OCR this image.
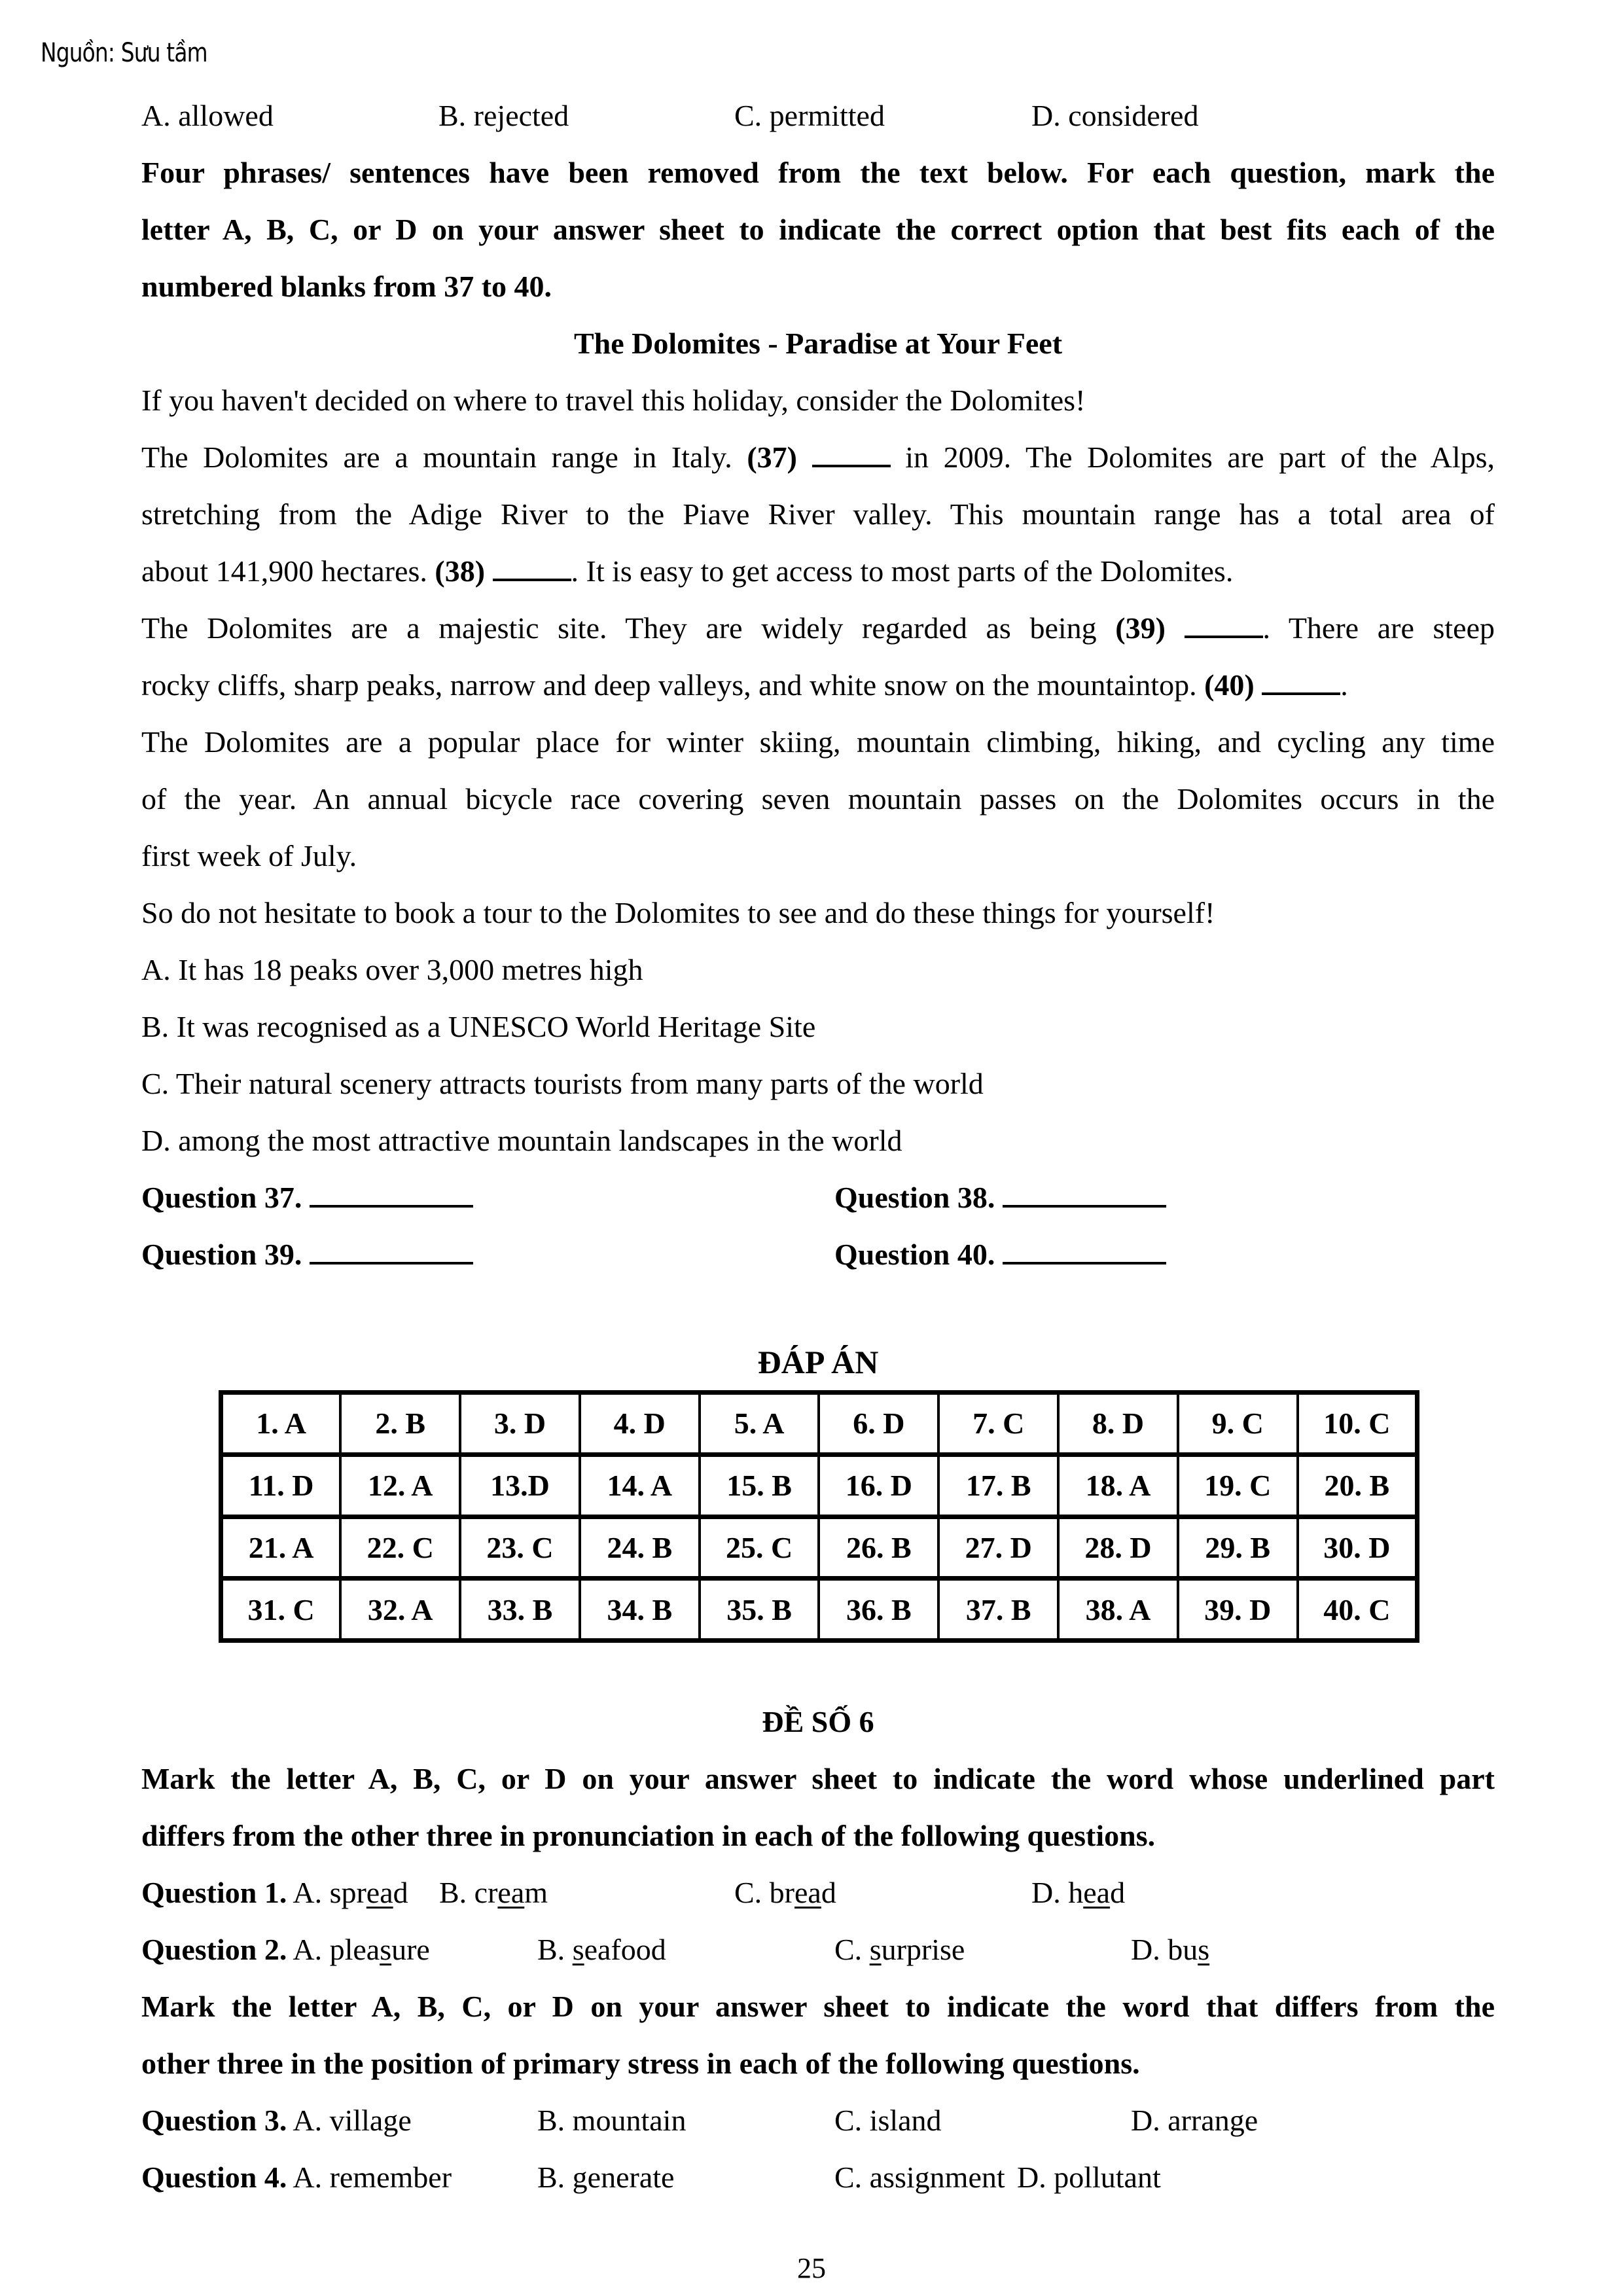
Nguồn: Sưu tầm
A. allowed	B. rejected	C. permitted	D. considered
Four phrases/ sentences have been removed from the text below. For each question, mark the
letter A, B, C, or D on your answer sheet to indicate the correct option that best fits each of the
numbered blanks from 37 to 40.
The Dolomites - Paradise at Your Feet
If you haven't decided on where to travel this holiday, consider the Dolomites!
The Dolomites are a mountain range in Italy. (37)	in 2009. The Dolomites are part of the Alps,
stretching from the Adige River to the Piave River valley. This mountain range has a total area of
about 141,900 hectares. (38)	. It is easy to get access to most parts of the Dolomites.
The Dolomites are a majestic site. They are widely regarded as being (39)	. There are steep
rocky cliffs, sharp peaks, narrow and deep valleys, and white snow on the mountaintop. (40)	.
The Dolomites are a popular place for winter skiing, mountain climbing, hiking, and cycling any time
of the year. An annual bicycle race covering seven mountain passes on the Dolomites occurs in the
first week of July.
So do not hesitate to book a tour to the Dolomites to see and do these things for yourself!
A. It has 18 peaks over 3,000 metres high
B. It was recognised as a UNESCO World Heritage Site
C. Their natural scenery attracts tourists from many parts of the world
D. among the most attractive mountain landscapes in the world
Question 37.	Question 38.
Question 39.	Question 40.
ĐÁP ÁN
1. A	2. B	3. D	4. D	5. A	6. D	7. C	8. D	9. C	10. C
11. D	12. A	13.D	14. A	15. B	16. D	17. B	18. A	19. C	20. B
21. A	22. C	23. C	24. B	25. C	26. B	27. D	28. D	29. B	30. D
31. C	32. A	33. B	34. B	35. B	36. B	37. B	38. A	39. D	40. C
ĐỀ SỐ 6
Mark the letter A, B, C, or D on your answer sheet to indicate the word whose underlined part
differs from the other three in pronunciation in each of the following questions.
Question 1. A. spread B. cream	C. bread	D. head
Question 2. A. pleasure	B. seafood	C. surprise	D. bus
Mark the letter A, B, C, or D on your answer sheet to indicate the word that differs from the
other three in the position of primary stress in each of the following questions.
Question 3. A. village	B. mountain	C. island	D. arrange
Question 4. A. remember	B. generate	C. assignment D. pollutant
25
